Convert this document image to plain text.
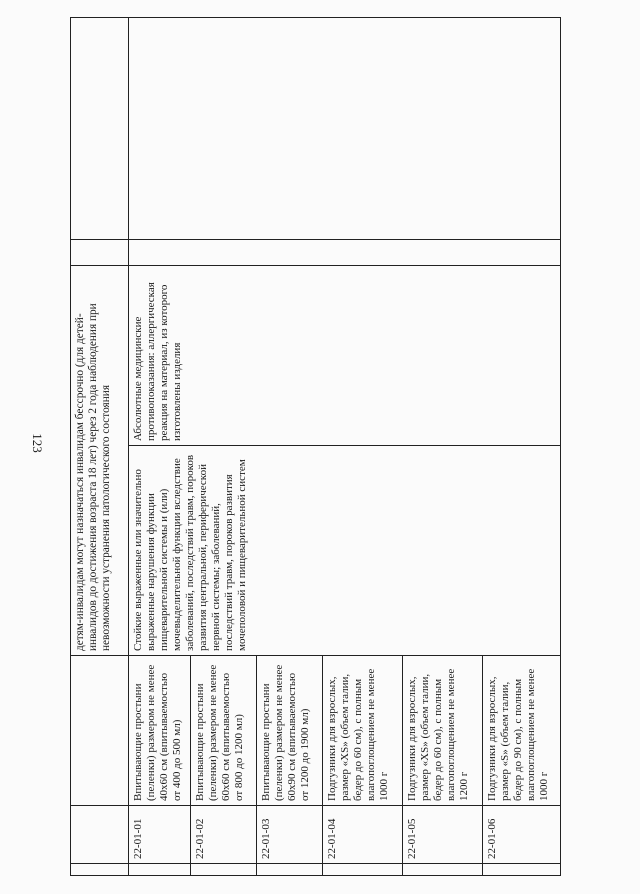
123
				детям-инвалидам могут назначаться инвалидам бессрочно (для детей-инвалидов до достижения возраста 18 лет) через 2 года наблюдения при невозможности устранения патологического состояния			
	22-01-01	Впитывающие простыни (пеленки) размером не менее 40х60 см (впитываемостью от 400 до 500 мл)	Стойкие выраженные или значительно выраженные нарушения функции пищеварительной системы и (или) мочевыделительной функции вследствие заболеваний, последствий травм, пороков развития центральной, периферической нервной системы; заболеваний, последствий травм, пороков развития мочеполовой и пищеварительной систем	Абсолютные медицинские противопоказания: аллергическая реакция на материал, из которого изготовлены изделия		
	22-01-02	Впитывающие простыни (пеленки) размером не менее 60х60 см (впитываемостью от 800 до 1200 мл)				
	22-01-03	Впитывающие простыни (пеленки) размером не менее 60х90 см (впитываемостью от 1200 до 1900 мл)				
	22-01-04	Подгузники для взрослых, размер «XS» (объем талии, бедер до 60 см), с полным влагопоглощением не менее 1000 г				
	22-01-05	Подгузники для взрослых, размер «XS» (объем талии, бедер до 60 см), с полным влагопоглощением не менее 1200 г				
	22-01-06	Подгузники для взрослых, размер «S» (объем талии, бедер до 90 см), с полным влагопоглощением не менее 1000 г				
